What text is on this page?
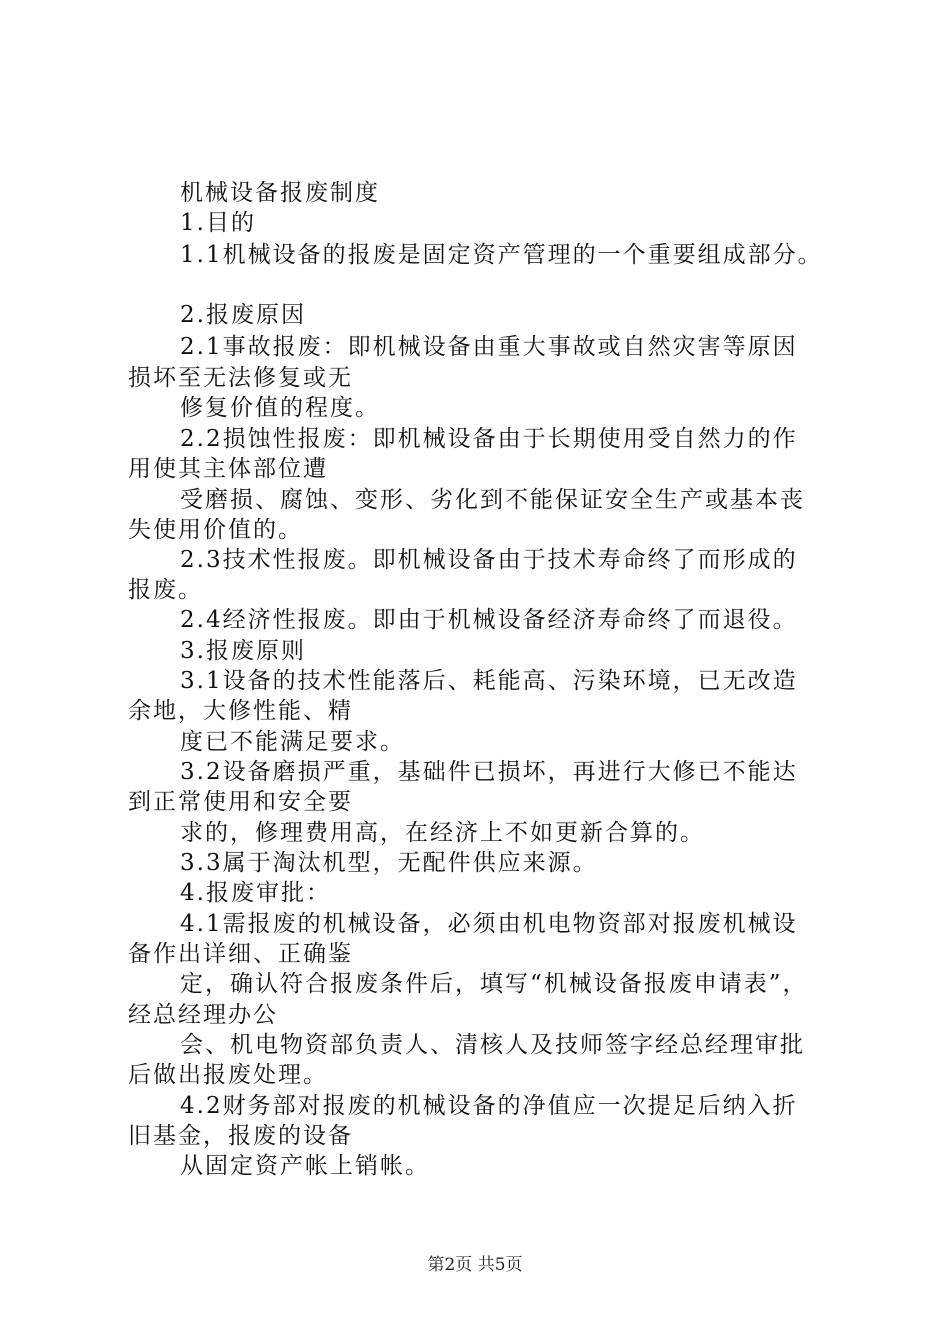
机械设备报废制度
1.目的
1.1机械设备的报废是固定资产管理的一个重要组成部分。
2.报废原因
2.1事故报废：即机械设备由重大事故或自然灾害等原因
损坏至无法修复或无
修复价值的程度。
2.2损蚀性报废：即机械设备由于长期使用受自然力的作
用使其主体部位遭
受磨损、腐蚀、变形、劣化到不能保证安全生产或基本丧
失使用价值的。
2.3技术性报废。即机械设备由于技术寿命终了而形成的
报废。
2.4经济性报废。即由于机械设备经济寿命终了而退役。
3.报废原则
3.1设备的技术性能落后、耗能高、污染环境，已无改造
余地，大修性能、精
度已不能满足要求。
3.2设备磨损严重，基础件已损坏，再进行大修已不能达
到正常使用和安全要
求的，修理费用高，在经济上不如更新合算的。
3.3属于淘汰机型，无配件供应来源。
4.报废审批：
4.1需报废的机械设备，必须由机电物资部对报废机械设
备作出详细、正确鉴
定，确认符合报废条件后，填写“机械设备报废申请表”，
经总经理办公
会、机电物资部负责人、清核人及技师签字经总经理审批
后做出报废处理。
4.2财务部对报废的机械设备的净值应一次提足后纳入折
旧基金，报废的设备
从固定资产帐上销帐。
第2页 共5页
